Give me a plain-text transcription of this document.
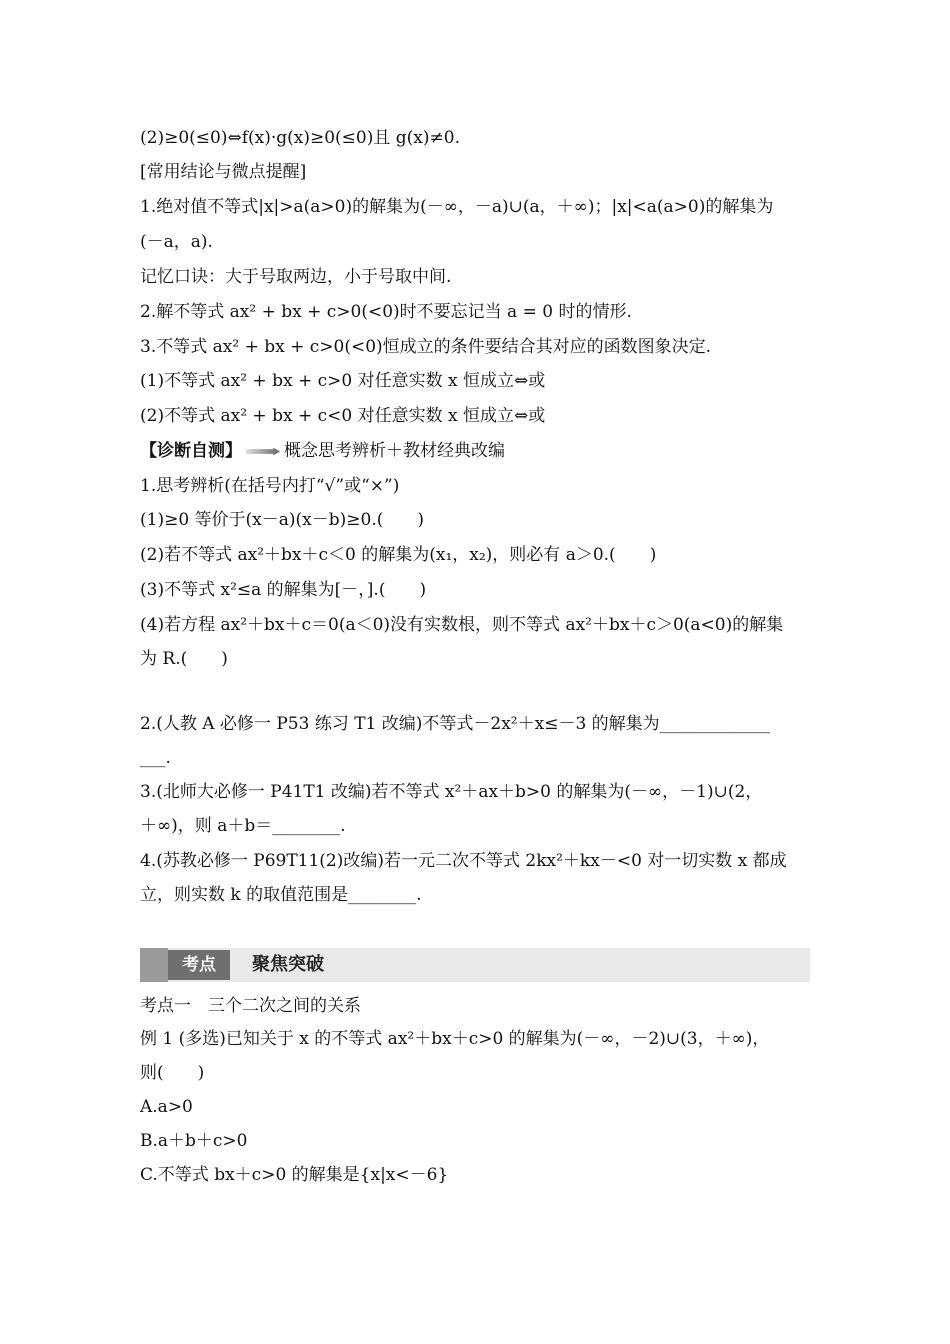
(2)≥0(≤0)⇔f(x)·g(x)≥0(≤0)且 g(x)≠0.
[常用结论与微点提醒]
1.绝对值不等式|x|>a(a>0)的解集为(－∞，－a)∪(a，＋∞)；|x|<a(a>0)的解集为
(－a，a).
记忆口诀：大于号取两边，小于号取中间.
2.解不等式 ax² + bx + c>0(<0)时不要忘记当 a = 0 时的情形.
3.不等式 ax² + bx + c>0(<0)恒成立的条件要结合其对应的函数图象决定.
(1)不等式 ax² + bx + c>0 对任意实数 x 恒成立⇔或
(2)不等式 ax² + bx + c<0 对任意实数 x 恒成立⇔或
【诊断自测】 概念思考辨析＋教材经典改编
1.思考辨析(在括号内打“√”或“×”)
(1)≥0 等价于(x－a)(x－b)≥0.(　　)
(2)若不等式 ax²＋bx＋c＜0 的解集为(x₁，x₂)，则必有 a＞0.(　　)
(3)不等式 x²≤a 的解集为[－，].(　　)
(4)若方程 ax²＋bx＋c＝0(a＜0)没有实数根，则不等式 ax²＋bx＋c＞0(a<0)的解集
为 R.(　　)
2.(人教 A 必修一 P53 练习 T1 改编)不等式－2x²＋x≤－3 的解集为_____________
___.
3.(北师大必修一 P41T1 改编)若不等式 x²＋ax＋b>0 的解集为(－∞，－1)∪(2，
＋∞)，则 a＋b＝________.
4.(苏教必修一 P69T11(2)改编)若一元二次不等式 2kx²＋kx－<0 对一切实数 x 都成
立，则实数 k 的取值范围是________.
考点	聚焦突破
考点一　三个二次之间的关系
例 1 (多选)已知关于 x 的不等式 ax²＋bx＋c>0 的解集为(－∞，－2)∪(3，＋∞)，
则(　　)
A.a>0
B.a＋b＋c>0
C.不等式 bx＋c>0 的解集是{x|x<－6}
